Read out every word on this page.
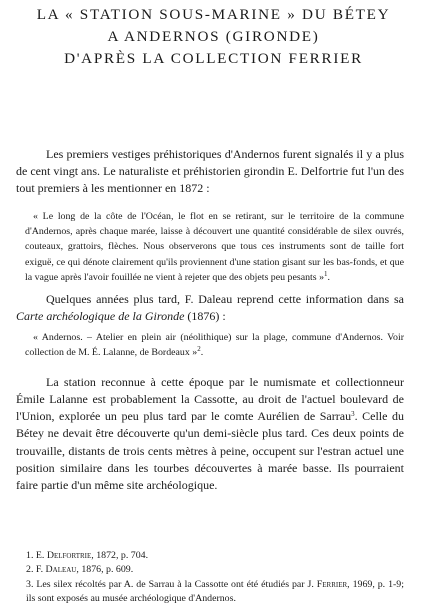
LA « STATION SOUS-MARINE » DU BÉTEY
A ANDERNOS (GIRONDE)
D'APRÈS LA COLLECTION FERRIER

Les premiers vestiges préhistoriques d'Andernos furent signalés il y a plus de cent vingt ans. Le naturaliste et préhistorien girondin E. Delfortrie fut l'un des tout premiers à les mentionner en 1872 :

« Le long de la côte de l'Océan, le flot en se retirant, sur le territoire de la commune d'Andernos, après chaque marée, laisse à découvert une quantité considérable de silex ouvrés, couteaux, grattoirs, flèches. Nous observerons que tous ces instruments sont de taille fort exiguë, ce qui dénote clairement qu'ils proviennent d'une station gisant sur les bas-fonds, et que la vague après l'avoir fouillée ne vient à rejeter que des objets peu pesants »$^1$.

Quelques années plus tard, F. Daleau reprend cette information dans sa Carte archéologique de la Gironde (1876) :

« Andernos. – Atelier en plein air (néolithique) sur la plage, commune d'Andernos. Voir collection de M. É. Lalanne, de Bordeaux »$^2$.

La station reconnue à cette époque par le numismate et collectionneur Émile Lalanne est probablement la Cassotte, au droit de l'actuel boulevard de l'Union, explorée un peu plus tard par le comte Aurélien de Sarrau$^3$. Celle du Bétey ne devait être découverte qu'un demi-siècle plus tard. Ces deux points de trouvaille, distants de trois cents mètres à peine, occupent sur l'estran actuel une position similaire dans les tourbes découvertes à marée basse. Ils pourraient faire partie d'un même site archéologique.

1. E. Delfortrie, 1872, p. 704.
2. F. Daleau, 1876, p. 609.
3. Les silex récoltés par A. de Sarrau à la Cassotte ont été étudiés par J. Ferrier, 1969, p. 1-9; ils sont exposés au musée archéologique d'Andernos.
